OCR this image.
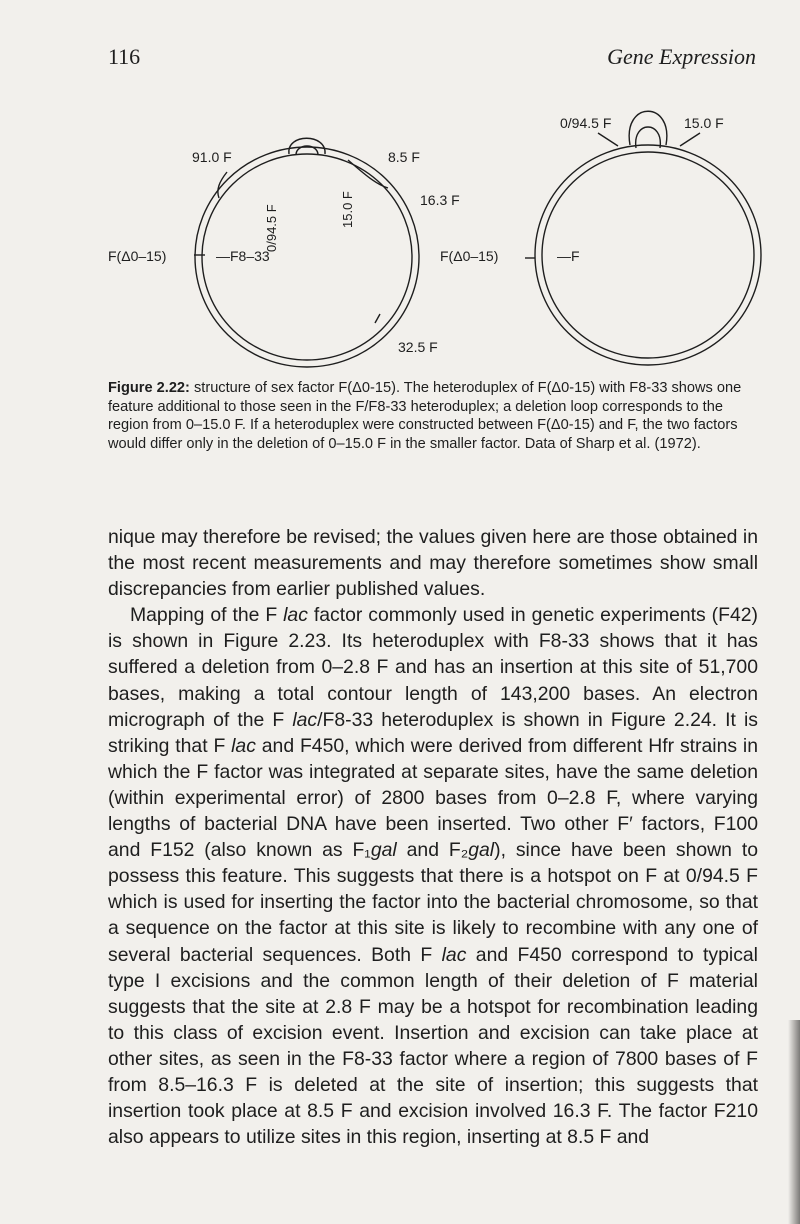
116	Gene Expression
91.0 F	8.5 F
16.3 F
F(Δ0–15)	—F8–33
0/94.5 F	15.0 F
32.5 F
0/94.5 F	15.0 F
F(Δ0–15)	—F
Figure 2.22: structure of sex factor F(Δ0-15). The heteroduplex of F(Δ0-15) with F8-33 shows one feature additional to those seen in the F/F8-33 heteroduplex; a deletion loop corresponds to the region from 0–15.0 F. If a heteroduplex were constructed between F(Δ0-15) and F, the two factors would differ only in the deletion of 0–15.0 F in the smaller factor. Data of Sharp et al. (1972).

nique may therefore be revised; the values given here are those obtained in the most recent measurements and may therefore sometimes show small discrepancies from earlier published values.

Mapping of the F lac factor commonly used in genetic experiments (F42) is shown in Figure 2.23. Its heteroduplex with F8-33 shows that it has suffered a deletion from 0–2.8 F and has an insertion at this site of 51,700 bases, making a total contour length of 143,200 bases. An electron micrograph of the F lac/F8-33 heteroduplex is shown in Figure 2.24. It is striking that F lac and F450, which were derived from different Hfr strains in which the F factor was integrated at separate sites, have the same deletion (within experimental error) of 2800 bases from 0–2.8 F, where varying lengths of bacterial DNA have been inserted. Two other F′ factors, F100 and F152 (also known as F₁gal and F₂gal), since have been shown to possess this feature. This suggests that there is a hotspot on F at 0/94.5 F which is used for inserting the factor into the bacterial chromosome, so that a sequence on the factor at this site is likely to recombine with any one of several bacterial sequences. Both F lac and F450 correspond to typical type I excisions and the common length of their deletion of F material suggests that the site at 2.8 F may be a hotspot for recombination leading to this class of excision event. Insertion and excision can take place at other sites, as seen in the F8-33 factor where a region of 7800 bases of F from 8.5–16.3 F is deleted at the site of insertion; this suggests that insertion took place at 8.5 F and excision involved 16.3 F. The factor F210 also appears to utilize sites in this region, inserting at 8.5 F and
